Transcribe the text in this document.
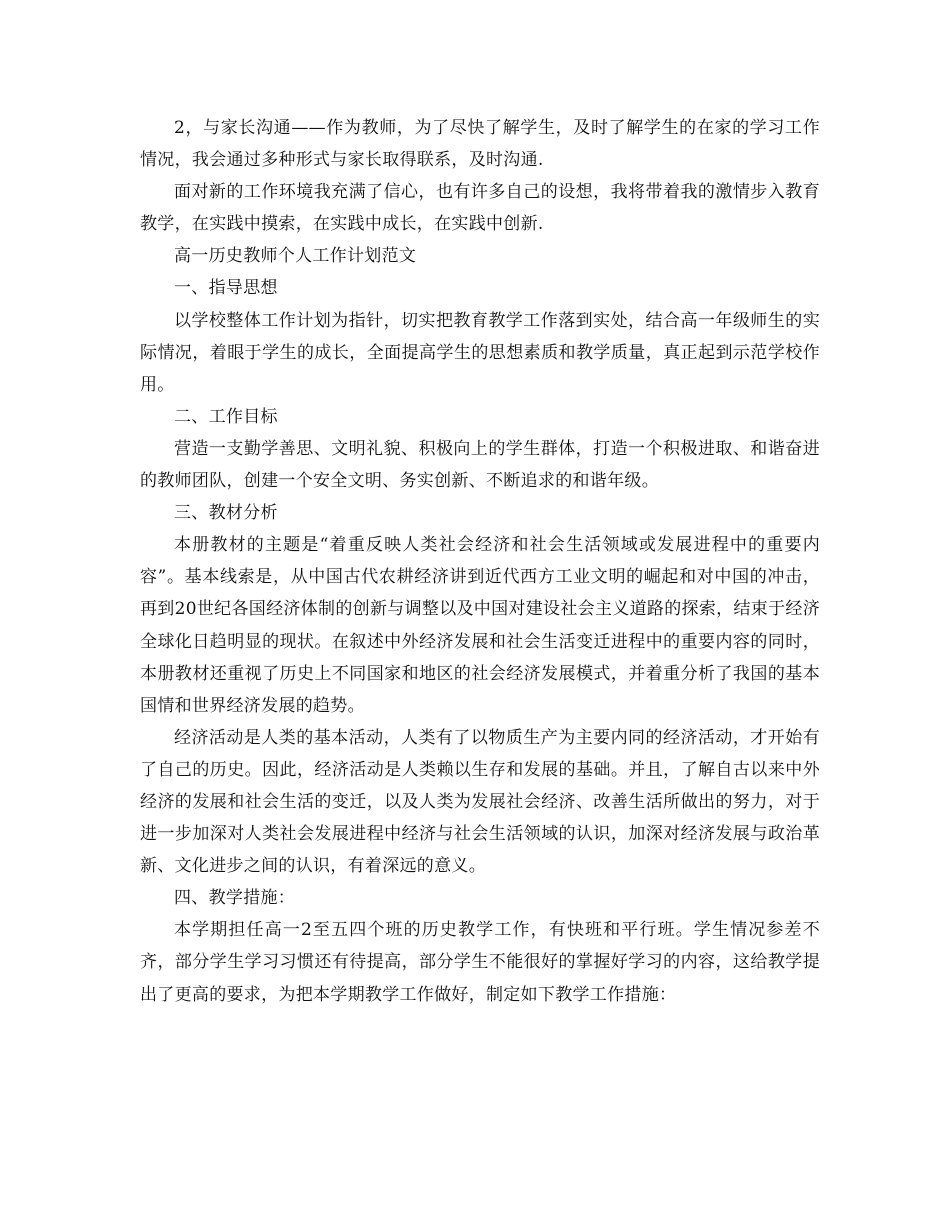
2，与家长沟通——作为教师，为了尽快了解学生，及时了解学生的在家的学习工作情况，我会通过多种形式与家长取得联系，及时沟通.

面对新的工作环境我充满了信心，也有许多自己的设想，我将带着我的激情步入教育教学，在实践中摸索，在实践中成长，在实践中创新.

高一历史教师个人工作计划范文

一、指导思想

以学校整体工作计划为指针，切实把教育教学工作落到实处，结合高一年级师生的实际情况，着眼于学生的成长，全面提高学生的思想素质和教学质量，真正起到示范学校作用。

二、工作目标

营造一支勤学善思、文明礼貌、积极向上的学生群体，打造一个积极进取、和谐奋进的教师团队，创建一个安全文明、务实创新、不断追求的和谐年级。

三、教材分析

本册教材的主题是“着重反映人类社会经济和社会生活领域或发展进程中的重要内容”。基本线索是，从中国古代农耕经济讲到近代西方工业文明的崛起和对中国的冲击，再到20世纪各国经济体制的创新与调整以及中国对建设社会主义道路的探索，结束于经济全球化日趋明显的现状。在叙述中外经济发展和社会生活变迁进程中的重要内容的同时，本册教材还重视了历史上不同国家和地区的社会经济发展模式，并着重分析了我国的基本国情和世界经济发展的趋势。

经济活动是人类的基本活动，人类有了以物质生产为主要内同的经济活动，才开始有了自己的历史。因此，经济活动是人类赖以生存和发展的基础。并且，了解自古以来中外经济的发展和社会生活的变迁，以及人类为发展社会经济、改善生活所做出的努力，对于进一步加深对人类社会发展进程中经济与社会生活领域的认识，加深对经济发展与政治革新、文化进步之间的认识，有着深远的意义。

四、教学措施：

本学期担任高一2至五四个班的历史教学工作，有快班和平行班。学生情况参差不齐，部分学生学习习惯还有待提高，部分学生不能很好的掌握好学习的内容，这给教学提出了更高的要求，为把本学期教学工作做好，制定如下教学工作措施：
